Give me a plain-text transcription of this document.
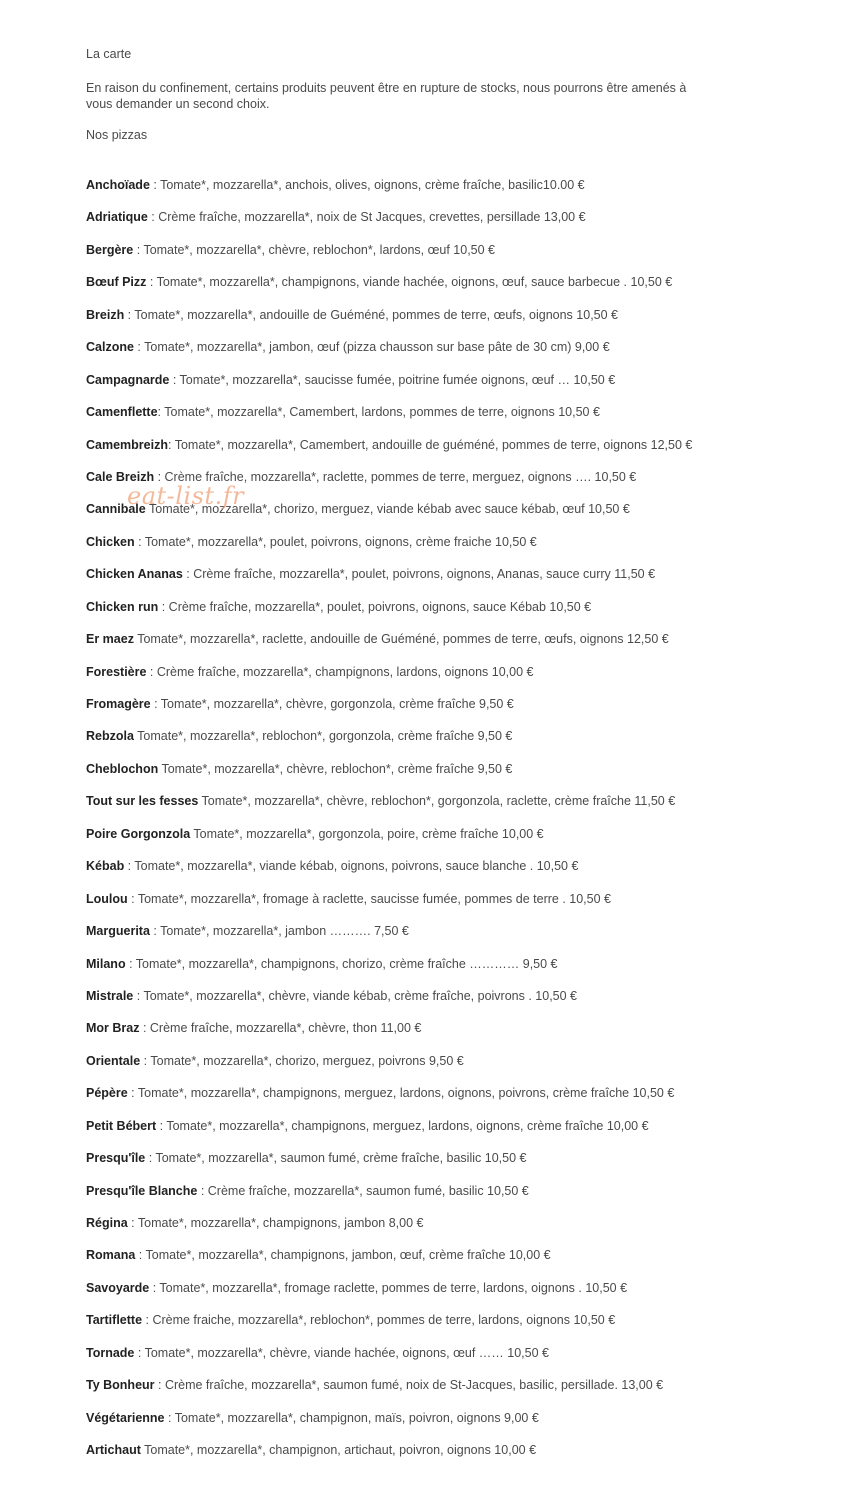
La carte
En raison du confinement, certains produits peuvent être en rupture de stocks, nous pourrons être amenés à vous demander un second choix.
Nos pizzas
Anchoïade : Tomate*, mozzarella*, anchois, olives, oignons, crème fraîche, basilic10.00 €
Adriatique : Crème fraîche, mozzarella*, noix de St Jacques, crevettes, persillade 13,00 €
Bergère : Tomate*, mozzarella*, chèvre, reblochon*, lardons, œuf 10,50 €
Bœuf Pizz : Tomate*, mozzarella*, champignons, viande hachée, oignons, œuf, sauce barbecue . 10,50 €
Breizh : Tomate*, mozzarella*, andouille de Guéméné, pommes de terre, œufs, oignons 10,50 €
Calzone : Tomate*, mozzarella*, jambon, œuf (pizza chausson sur base pâte de 30 cm) 9,00 €
Campagnarde : Tomate*, mozzarella*, saucisse fumée, poitrine fumée oignons, œuf … 10,50 €
Camenflette: Tomate*, mozzarella*, Camembert, lardons, pommes de terre, oignons 10,50 €
Camembreizh: Tomate*, mozzarella*, Camembert, andouille de guéméné, pommes de terre, oignons 12,50 €
Cale Breizh : Crème fraîche, mozzarella*, raclette, pommes de terre, merguez, oignons …. 10,50 €
Cannibale Tomate*, mozzarella*, chorizo, merguez, viande kébab avec sauce kébab, œuf 10,50 €
Chicken : Tomate*, mozzarella*, poulet, poivrons, oignons, crème fraiche 10,50 €
Chicken Ananas : Crème fraîche, mozzarella*, poulet, poivrons, oignons, Ananas, sauce curry 11,50 €
Chicken run : Crème fraîche, mozzarella*, poulet, poivrons, oignons, sauce Kébab 10,50 €
Er maez Tomate*, mozzarella*, raclette, andouille de Guéméné, pommes de terre, œufs, oignons 12,50 €
Forestière : Crème fraîche, mozzarella*, champignons, lardons, oignons 10,00 €
Fromagère : Tomate*, mozzarella*, chèvre, gorgonzola, crème fraîche 9,50 €
Rebzola Tomate*, mozzarella*, reblochon*, gorgonzola, crème fraîche 9,50 €
Cheblochon Tomate*, mozzarella*, chèvre, reblochon*, crème fraîche 9,50 €
Tout sur les fesses Tomate*, mozzarella*, chèvre, reblochon*, gorgonzola, raclette, crème fraîche 11,50 €
Poire Gorgonzola Tomate*, mozzarella*, gorgonzola, poire, crème fraîche 10,00 €
Kébab : Tomate*, mozzarella*, viande kébab, oignons, poivrons, sauce blanche . 10,50 €
Loulou : Tomate*, mozzarella*, fromage à raclette, saucisse fumée, pommes de terre . 10,50 €
Marguerita : Tomate*, mozzarella*, jambon ………. 7,50 €
Milano : Tomate*, mozzarella*, champignons, chorizo, crème fraîche ………… 9,50 €
Mistrale : Tomate*, mozzarella*, chèvre, viande kébab, crème fraîche, poivrons . 10,50 €
Mor Braz : Crème fraîche, mozzarella*, chèvre, thon 11,00 €
Orientale : Tomate*, mozzarella*, chorizo, merguez, poivrons 9,50 €
Pépère : Tomate*, mozzarella*, champignons, merguez, lardons, oignons, poivrons, crème fraîche 10,50 €
Petit Bébert : Tomate*, mozzarella*, champignons, merguez, lardons, oignons, crème fraîche 10,00 €
Presqu'île : Tomate*, mozzarella*, saumon fumé, crème fraîche, basilic 10,50 €
Presqu'île Blanche : Crème fraîche, mozzarella*, saumon fumé, basilic 10,50 €
Régina : Tomate*, mozzarella*, champignons, jambon 8,00 €
Romana : Tomate*, mozzarella*, champignons, jambon, œuf, crème fraîche 10,00 €
Savoyarde : Tomate*, mozzarella*, fromage raclette, pommes de terre, lardons, oignons . 10,50 €
Tartiflette : Crème fraiche, mozzarella*, reblochon*, pommes de terre, lardons, oignons 10,50 €
Tornade : Tomate*, mozzarella*, chèvre, viande hachée, oignons, œuf …… 10,50 €
Ty Bonheur : Crème fraîche, mozzarella*, saumon fumé, noix de St-Jacques, basilic, persillade. 13,00 €
Végétarienne : Tomate*, mozzarella*, champignon, maïs, poivron, oignons 9,00 €
Artichaut Tomate*, mozzarella*, champignon, artichaut, poivron, oignons 10,00 €
eat-list.fr
